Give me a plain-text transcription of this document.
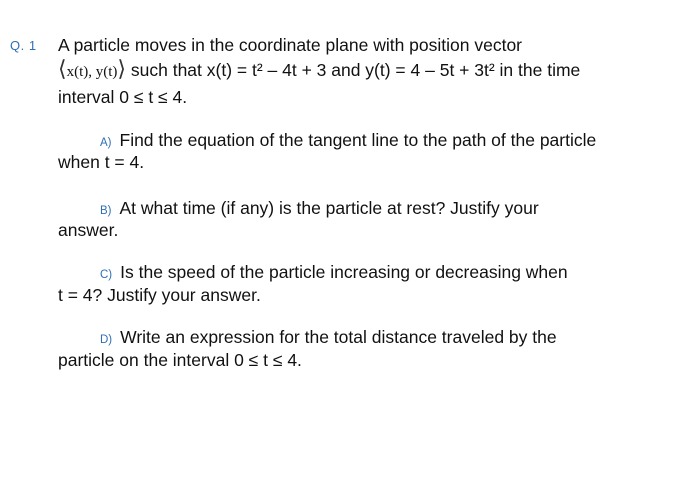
Q. 1 A particle moves in the coordinate plane with position vector
⟨x(t), y(t)⟩ such that x(t) = t² – 4t + 3 and y(t) = 4 – 5t + 3t² in the time
interval 0 ≤ t ≤ 4.
A) Find the equation of the tangent line to the path of the particle
when t = 4.
B) At what time (if any) is the particle at rest? Justify your
answer.
C) Is the speed of the particle increasing or decreasing when
t = 4? Justify your answer.
D) Write an expression for the total distance traveled by the
particle on the interval 0 ≤ t ≤ 4.
